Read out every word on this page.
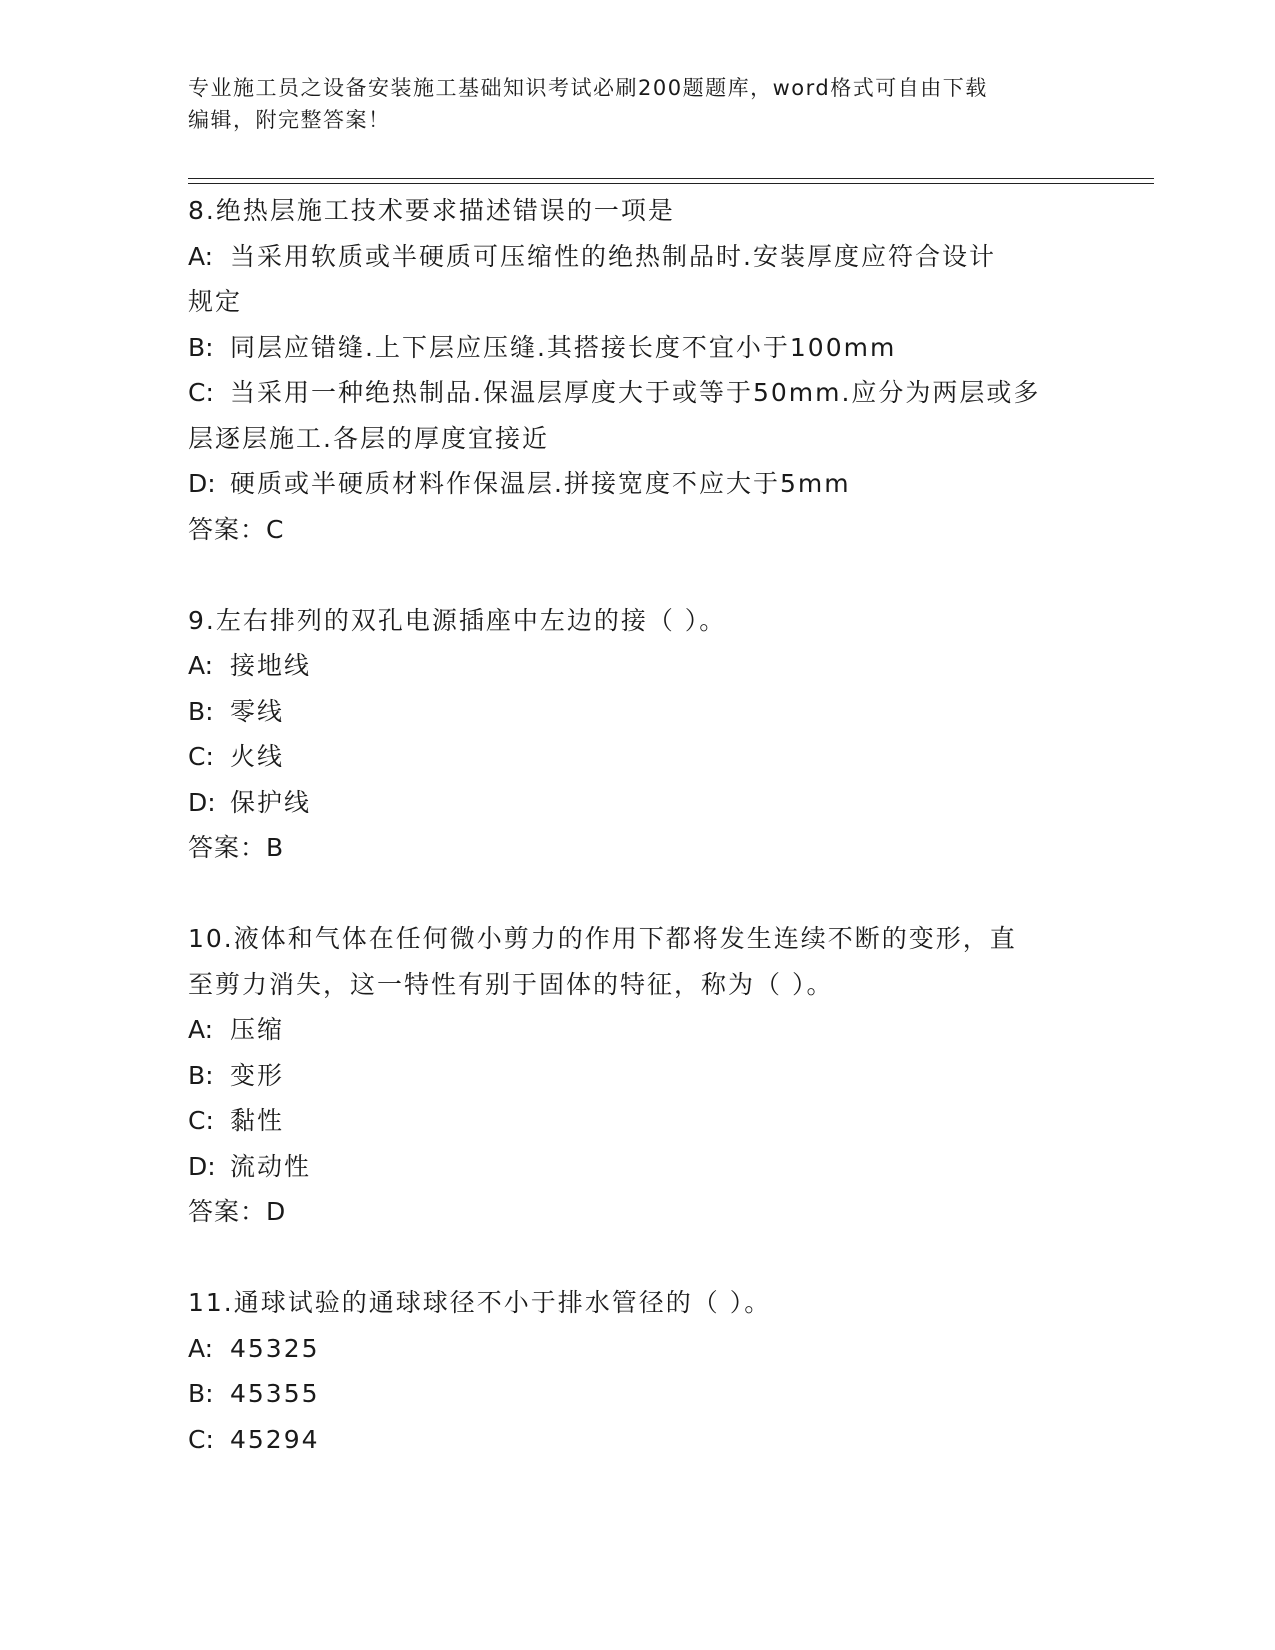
专业施工员之设备安装施工基础知识考试必刷200题题库，word格式可自由下载
编辑，附完整答案！
8.绝热层施工技术要求描述错误的一项是
A: 当采用软质或半硬质可压缩性的绝热制品时.安装厚度应符合设计
规定
B: 同层应错缝.上下层应压缝.其搭接长度不宜小于100mm
C: 当采用一种绝热制品.保温层厚度大于或等于50mm.应分为两层或多
层逐层施工.各层的厚度宜接近
D: 硬质或半硬质材料作保温层.拼接宽度不应大于5mm
答案：C
9.左右排列的双孔电源插座中左边的接（ ）。
A: 接地线
B: 零线
C: 火线
D: 保护线
答案：B
10.液体和气体在任何微小剪力的作用下都将发生连续不断的变形，直
至剪力消失，这一特性有别于固体的特征，称为（ ）。
A: 压缩
B: 变形
C: 黏性
D: 流动性
答案：D
11.通球试验的通球球径不小于排水管径的（ ）。
A: 45325
B: 45355
C: 45294
